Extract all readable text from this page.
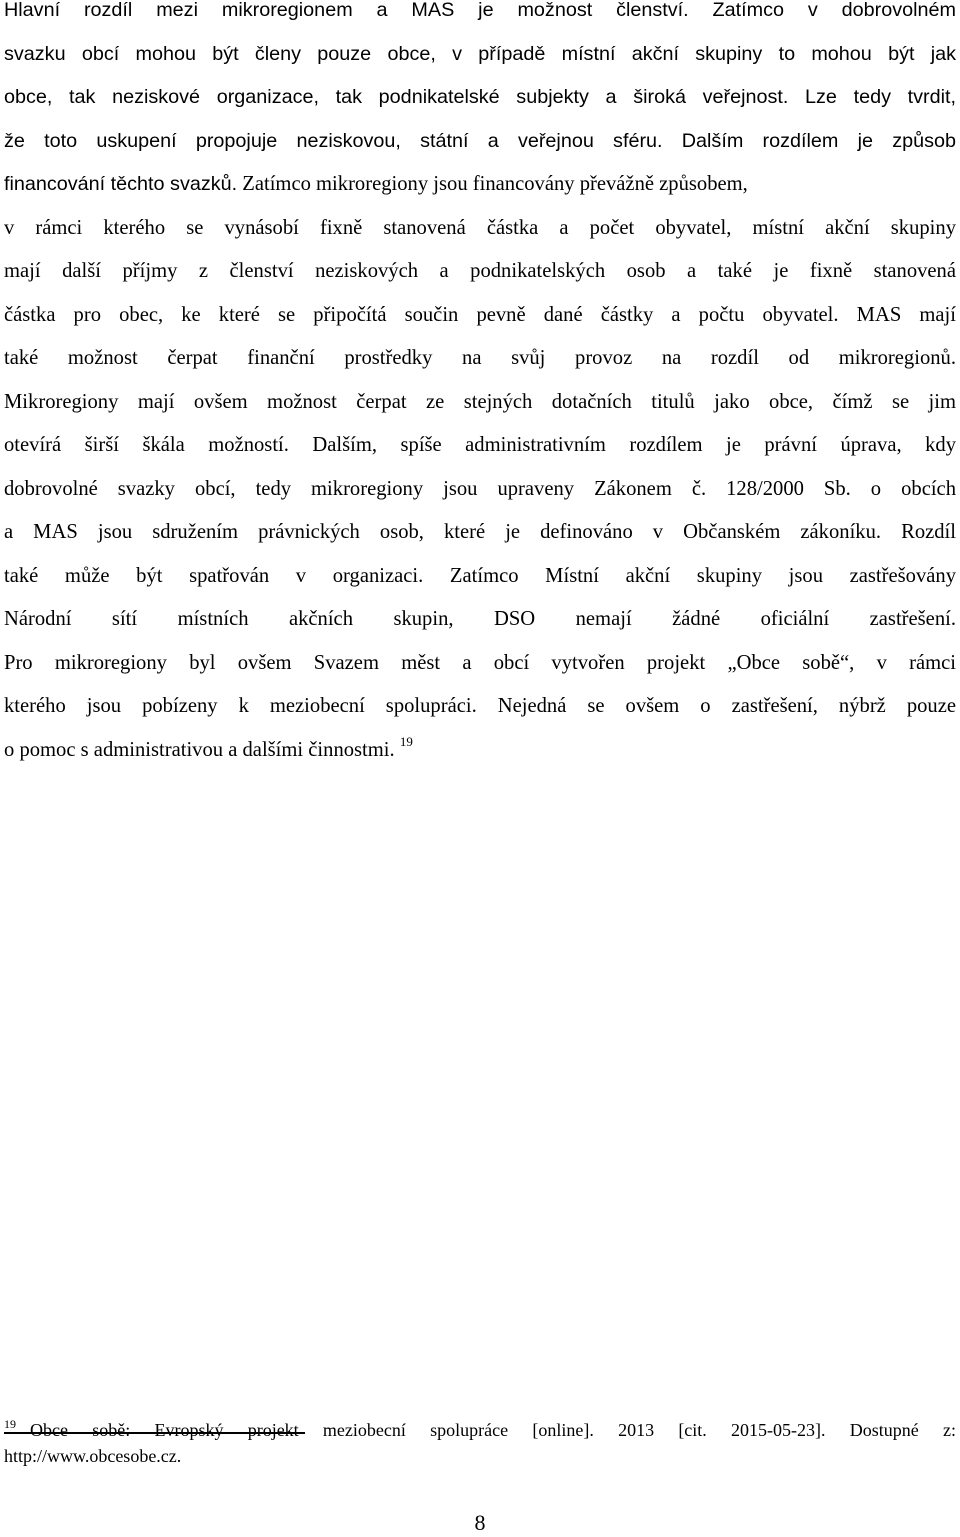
Hlavní rozdíl mezi mikroregionem a MAS je možnost členství. Zatímco v dobrovolném
svazku obcí mohou být členy pouze obce, v případě místní akční skupiny to mohou být jak
obce, tak neziskové organizace, tak podnikatelské subjekty a široká veřejnost. Lze tedy tvrdit,
že toto uskupení propojuje neziskovou, státní a veřejnou sféru. Dalším rozdílem je způsob
financování těchto svazků. Zatímco mikroregiony jsou financovány převážně způsobem,
v rámci kterého se vynásobí fixně stanovená částka a počet obyvatel, místní akční skupiny
mají další příjmy z členství neziskových a podnikatelských osob a také je fixně stanovená
částka pro obec, ke které se připočítá součin pevně dané částky a počtu obyvatel. MAS mají
také možnost čerpat finanční prostředky na svůj provoz na rozdíl od mikroregionů.
Mikroregiony mají ovšem možnost čerpat ze stejných dotačních titulů jako obce, čímž se jim
otevírá širší škála možností. Dalším, spíše administrativním rozdílem je právní úprava, kdy
dobrovolné svazky obcí, tedy mikroregiony jsou upraveny Zákonem č. 128/2000 Sb. o obcích
a MAS jsou sdružením právnických osob, které je definováno v Občanském zákoníku. Rozdíl
také může být spatřován v organizaci. Zatímco Místní akční skupiny jsou zastřešovány
Národní sítí místních akčních skupin, DSO nemají žádné oficiální zastřešení.
Pro mikroregiony byl ovšem Svazem měst a obcí vytvořen projekt „Obce sobě“, v rámci
kterého jsou pobízeny k meziobecní spolupráci. Nejedná se ovšem o zastřešení, nýbrž pouze
o pomoc s administrativou a dalšími činnostmi. $^{19}$
$^{19}$ Obce sobě: Evropský projekt meziobecní spolupráce [online]. 2013 [cit. 2015-05-23]. Dostupné z:
http://www.obcesobe.cz.
8
